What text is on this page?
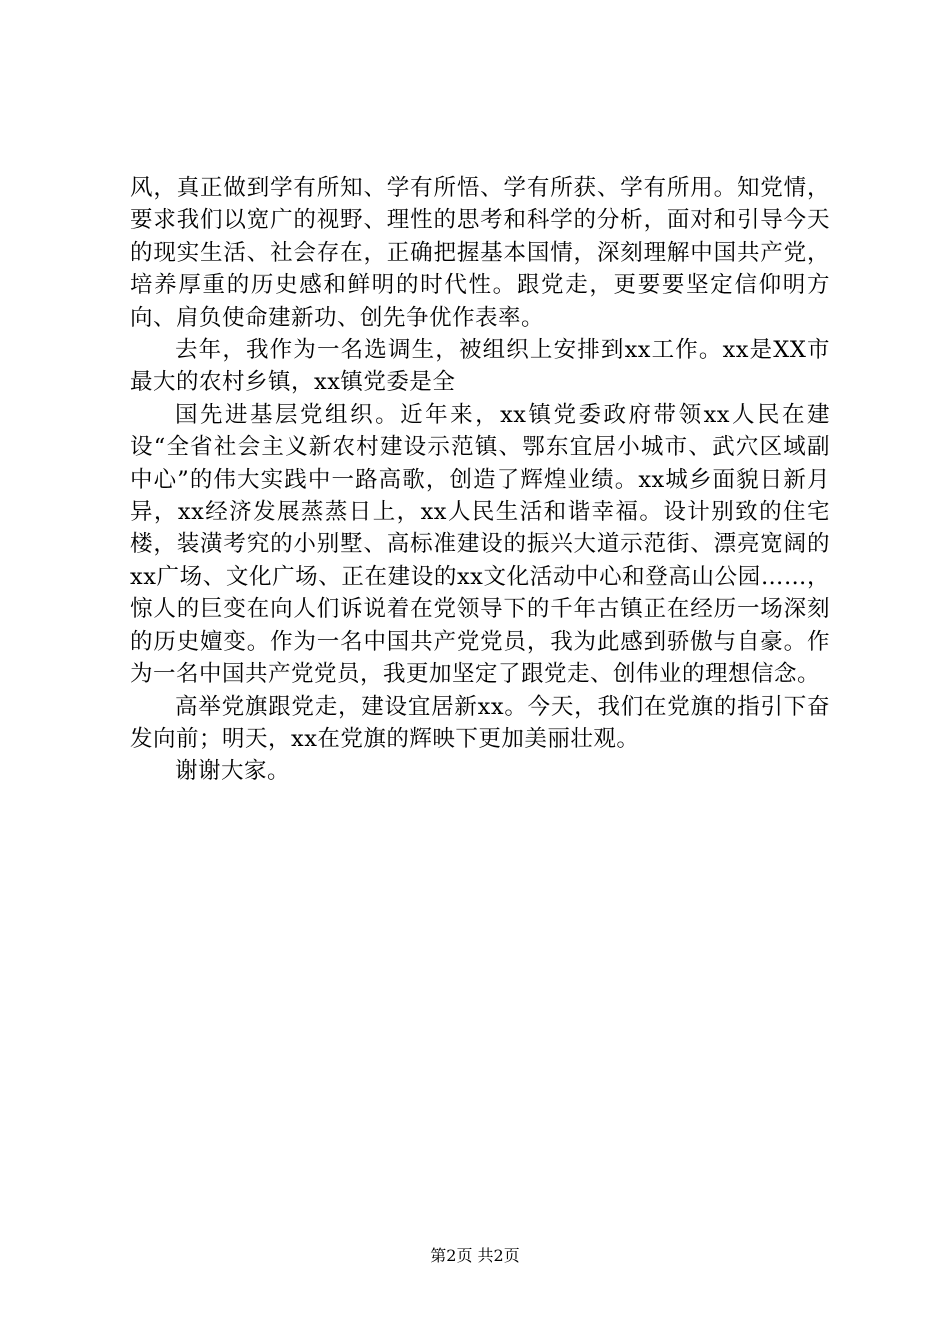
风，真正做到学有所知、学有所悟、学有所获、学有所用。知党情，要求我们以宽广的视野、理性的思考和科学的分析，面对和引导今天的现实生活、社会存在，正确把握基本国情，深刻理解中国共产党，培养厚重的历史感和鲜明的时代性。跟党走，更要要坚定信仰明方向、肩负使命建新功、创先争优作表率。

去年，我作为一名选调生，被组织上安排到xx工作。xx是XX市最大的农村乡镇，xx镇党委是全

国先进基层党组织。近年来，xx镇党委政府带领xx人民在建设“全省社会主义新农村建设示范镇、鄂东宜居小城市、武穴区域副中心”的伟大实践中一路高歌，创造了辉煌业绩。xx城乡面貌日新月异，xx经济发展蒸蒸日上，xx人民生活和谐幸福。设计别致的住宅楼，装潢考究的小别墅、高标准建设的振兴大道示范街、漂亮宽阔的xx广场、文化广场、正在建设的xx文化活动中心和登高山公园……，惊人的巨变在向人们诉说着在党领导下的千年古镇正在经历一场深刻的历史嬗变。作为一名中国共产党党员，我为此感到骄傲与自豪。作为一名中国共产党党员，我更加坚定了跟党走、创伟业的理想信念。

高举党旗跟党走，建设宜居新xx。今天，我们在党旗的指引下奋发向前；明天，xx在党旗的辉映下更加美丽壮观。

谢谢大家。

第2页 共2页
